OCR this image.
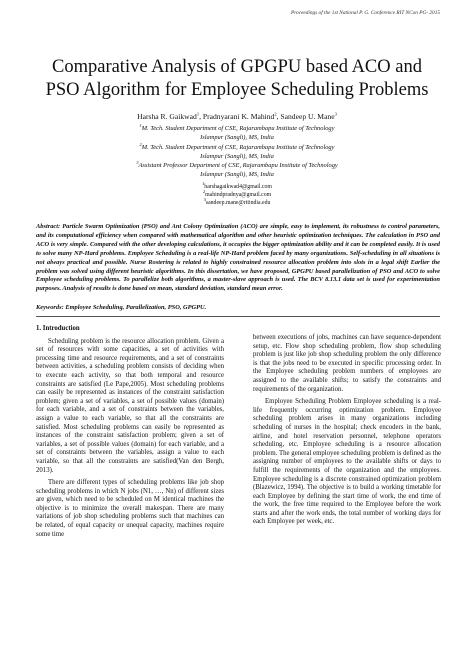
Proceedings of the 1st National P. G. Conference RIT NCon PG- 2015
Comparative Analysis of GPGPU based ACO and
PSO Algorithm for Employee Scheduling Problems
Harsha R. Gaikwad$^1$, Pradnyarani K. Mahind$^2$, Sandeep U. Mane$^3$
$^1$M. Tech. Student Department of CSE, Rajarambapu Institute of Technology
Islampur (Sangli), MS, India
$^2$M. Tech. Student Department of CSE, Rajarambapu Institute of Technology
Islampur (Sangli), MS, India
$^3$Assistant Professor Department of CSE, Rajarambapu Institute of Technology
Islampur (Sangli), MS, India
$^1$harshagaikwad4@gmail.com
$^2$mahindpradnya@gmail.com
$^3$sandeep.mane@ritindia.edu
Abstract: Particle Swarm Optimization (PSO) and Ant Colony Optimization (ACO) are simple, easy to implement, its robustness to control parameters, and its computational efficiency when compared with mathematical algorithm and other heuristic optimization techniques. The calculation in PSO and ACO is very simple. Compared with the other developing calculations, it occupies the bigger optimization ability and it can be completed easily. It is used to solve many NP-Hard problems. Employee Scheduling is a real-life NP-Hard problem faced by many organizations. Self-scheduling in all situations is not always practical and possible. Nurse Rostering is related to highly constrained resource allocation problem into slots in a legal shift Earlier the problem was solved using different heuristic algorithms. In this dissertation, we have proposed, GPGPU based parallelization of PSO and ACO to solve Employee scheduling problems. To parallelize both algorithms, a master-slave approach is used. The BCV 8.13.1 data set is used for experimentation purposes. Analysis of results is done based on mean, standard deviation, standard mean error.
Keywords: Employee Scheduling, Parallelization, PSO, GPGPU.
1. Introduction

Scheduling problem is the resource allocation problem. Given a set of resources with some capacities, a set of activities with processing time and resource requirements, and a set of constraints between activities, a scheduling problem consists of deciding when to execute each activity, so that both temporal and resource constraints are satisfied (Le Pape,2005). Most scheduling problems can easily be represented as instances of the constraint satisfaction problem; given a set of variables, a set of possible values (domain) for each variable, and a set of constraints between the variables, assign a value to each variable, so that all the constraints are satisfied. Most scheduling problems can easily be represented as instances of the constraint satisfaction problem; given a set of variables, a set of possible values (domain) for each variable, and a set of constraints between the variables, assign a value to each variable, so that all the constraints are satisfied(Van den Bergh, 2013).

There are different types of scheduling problems like job shop scheduling problems in which N jobs (N1, …, Nn) of different sizes are given, which need to be scheduled on M identical machines the objective is to minimize the overall makespan. There are many variations of job shop scheduling problems such that machines can be related, of equal capacity or unequal capacity, machines require some time

between executions of jobs, machines can have sequence-dependent setup, etc. Flow shop scheduling problem, flow shop scheduling problem is just like job shop scheduling problem the only difference is that the jobs need to be executed in specific processing order. In the Employee scheduling problem numbers of employees are assigned to the available shifts; to satisfy the constraints and requirements of the organization.

Employee Scheduling Problem Employee scheduling is a real-life frequently occurring optimization problem. Employee scheduling problem arises in many organizations including scheduling of nurses in the hospital; check encoders in the bank, airline, and hotel reservation personnel, telephone operators scheduling, etc. Employee scheduling is a resource allocation problem. The general employee scheduling problem is defined as the assigning number of employees to the available shifts or days to fulfill the requirements of the organization and the employees. Employee scheduling is a discrete constrained optimization problem (Blazewicz, 1994). The objective is to build a working timetable for each Employee by defining the start time of work, the end time of the work, the free time required to the Employee before the work starts and after the work ends, the total number of working days for each Employee per week, etc.
